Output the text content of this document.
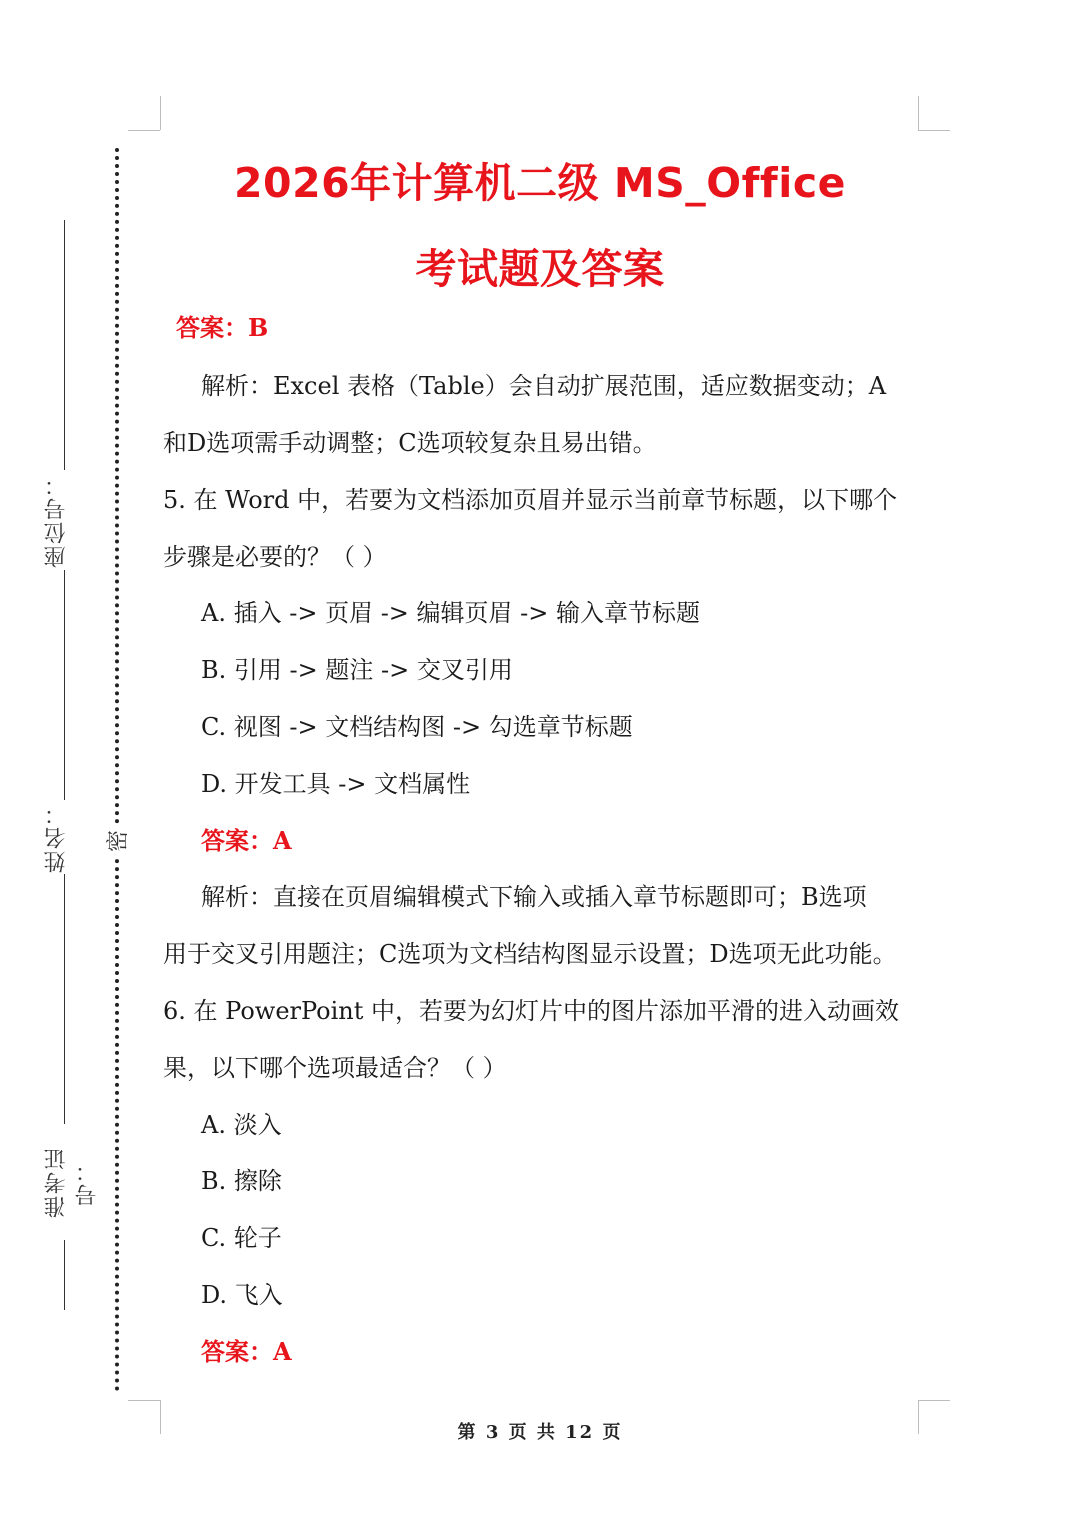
密
座位号：
姓名：
准考证号：
2026年计算机二级 MS_Office
考试题及答案
答案：B
解析：Excel 表格（Table）会自动扩展范围，适应数据变动；A
和D选项需手动调整；C选项较复杂且易出错。
5. 在 Word 中，若要为文档添加页眉并显示当前章节标题，以下哪个
步骤是必要的？（ ）
A. 插入 -> 页眉 -> 编辑页眉 -> 输入章节标题
B. 引用 -> 题注 -> 交叉引用
C. 视图 -> 文档结构图 -> 勾选章节标题
D. 开发工具 -> 文档属性
答案：A
解析：直接在页眉编辑模式下输入或插入章节标题即可；B选项
用于交叉引用题注；C选项为文档结构图显示设置；D选项无此功能。
6. 在 PowerPoint 中，若要为幻灯片中的图片添加平滑的进入动画效
果，以下哪个选项最适合？（ ）
A. 淡入
B. 擦除
C. 轮子
D. 飞入
答案：A
第 3 页 共 12 页
